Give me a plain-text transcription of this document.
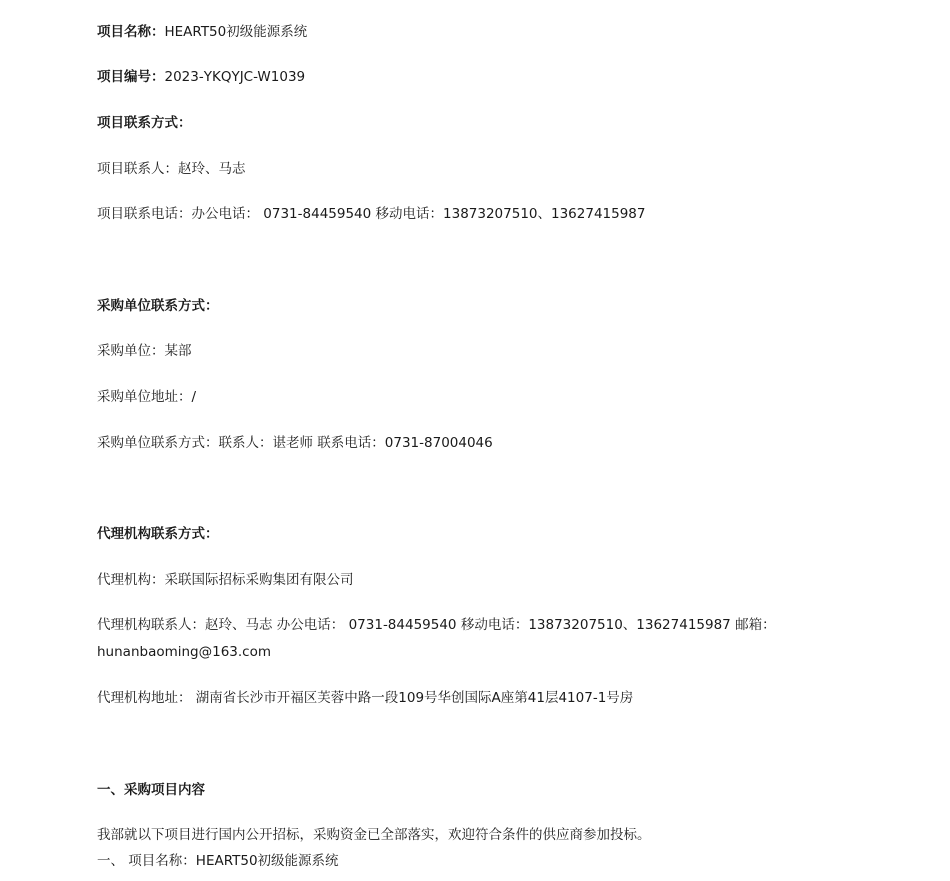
项目名称：HEART50初级能源系统
项目编号：2023-YKQYJC-W1039
项目联系方式：
项目联系人：赵玲、马志
项目联系电话：办公电话： 0731-84459540 移动电话：13873207510、13627415987
采购单位联系方式：
采购单位：某部
采购单位地址：/
采购单位联系方式：联系人：谌老师 联系电话：0731-87004046
代理机构联系方式：
代理机构：采联国际招标采购集团有限公司
代理机构联系人：赵玲、马志 办公电话： 0731-84459540 移动电话：13873207510、13627415987 邮箱：hunanbaoming@163.com
代理机构地址： 湖南省长沙市开福区芙蓉中路一段109号华创国际A座第41层4107-1号房
一、采购项目内容
我部就以下项目进行国内公开招标，采购资金已全部落实，欢迎符合条件的供应商参加投标。
一、 项目名称：HEART50初级能源系统
